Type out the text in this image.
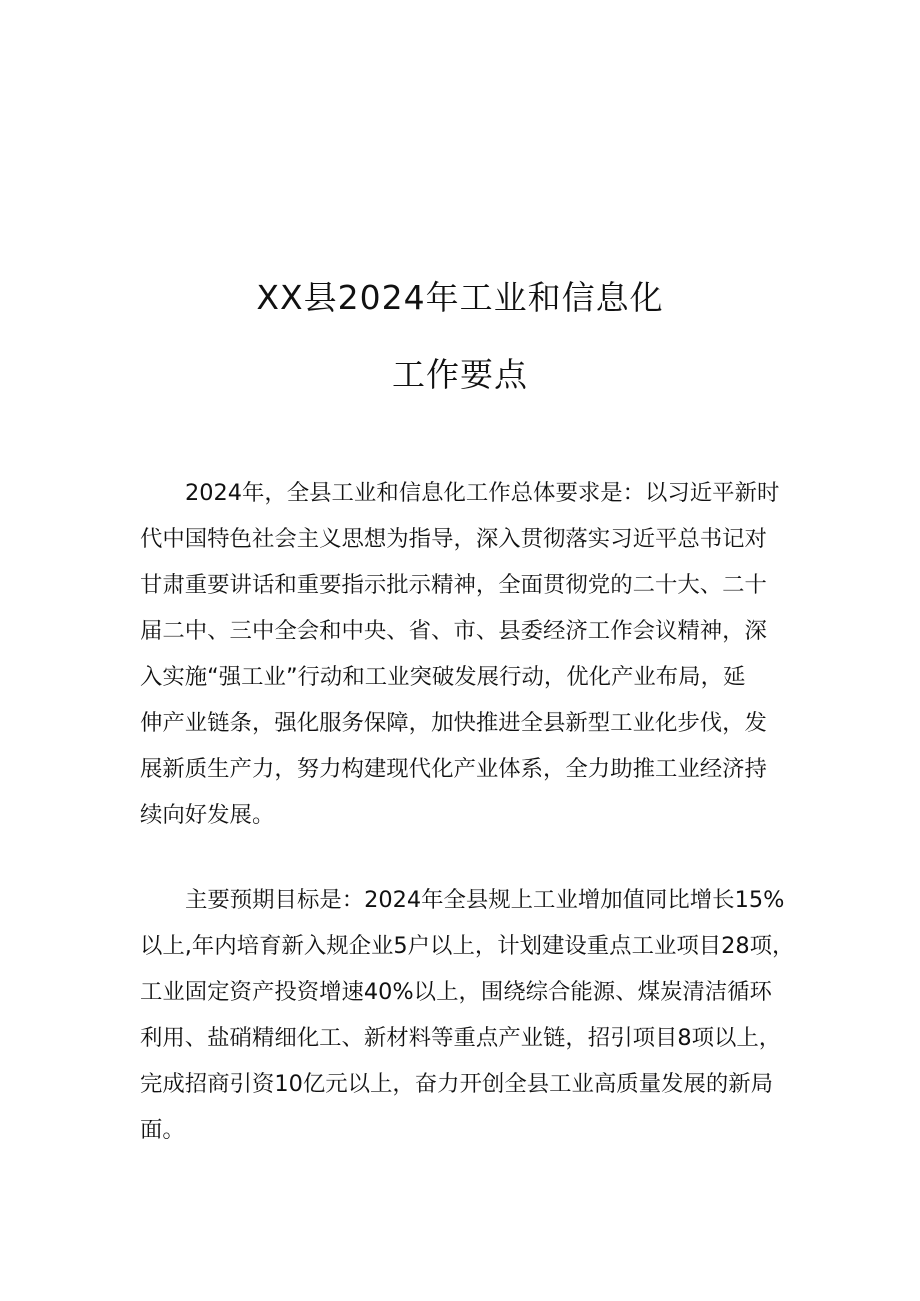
XX县2024年工业和信息化
工作要点
2024年，全县工业和信息化工作总体要求是：以习近平新时
代中国特色社会主义思想为指导，深入贯彻落实习近平总书记对
甘肃重要讲话和重要指示批示精神，全面贯彻党的二十大、二十
届二中、三中全会和中央、省、市、县委经济工作会议精神，深
入实施“强工业”行动和工业突破发展行动，优化产业布局，延
伸产业链条，强化服务保障，加快推进全县新型工业化步伐，发
展新质生产力，努力构建现代化产业体系，全力助推工业经济持
续向好发展。
主要预期目标是：2024年全县规上工业增加值同比增长15%
以上,年内培育新入规企业5户以上，计划建设重点工业项目28项，
工业固定资产投资增速40%以上，围绕综合能源、煤炭清洁循环
利用、盐硝精细化工、新材料等重点产业链，招引项目8项以上，
完成招商引资10亿元以上，奋力开创全县工业高质量发展的新局
面。
